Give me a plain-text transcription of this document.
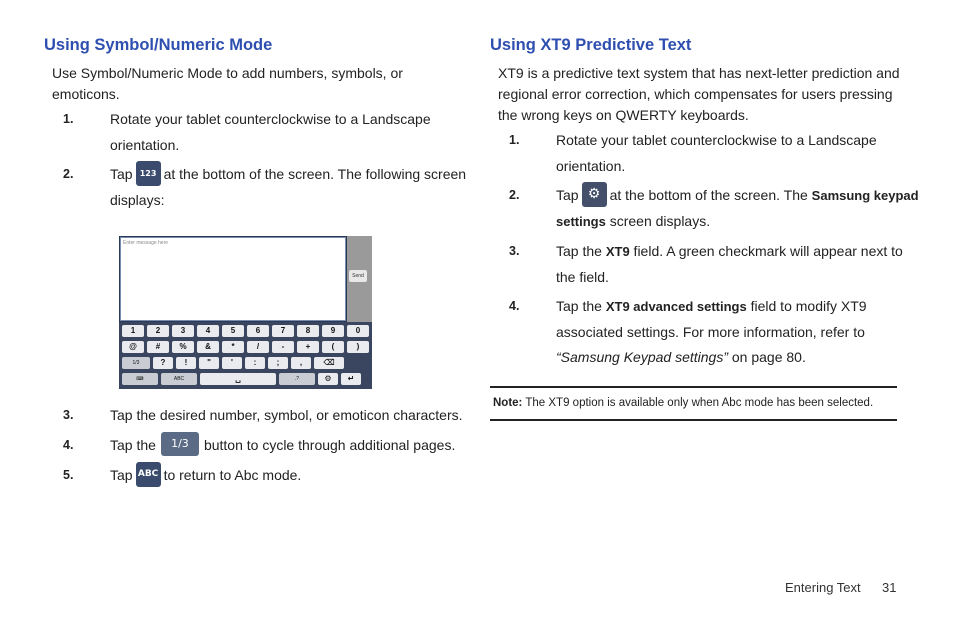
Using Symbol/Numeric Mode

Use Symbol/Numeric Mode to add numbers, symbols, or
emoticons.

1.	Rotate your tablet counterclockwise to a Landscape
orientation.
2.	Tap 123 at the bottom of the screen. The following screen
displays:
3.	Tap the desired number, symbol, or emoticon characters.
4.	Tap the 1/3 button to cycle through additional pages.
5.	Tap ABC to return to Abc mode.
Enter message here
Send
1	2	3	4	5	6	7	8	9	0
@	#	%	&	*	/	-	+	(	)
1/3	?	!	"	'	:	;	,	⌫
⌨	ABC	␣	.?	⚙	↵
Using XT9 Predictive Text

XT9 is a predictive text system that has next-letter prediction and
regional error correction, which compensates for users pressing
the wrong keys on QWERTY keyboards.

1.	Rotate your tablet counterclockwise to a Landscape
orientation.
2.	Tap ⚙ at the bottom of the screen. The Samsung keypad
settings screen displays.
3.	Tap the XT9 field. A green checkmark will appear next to
the field.
4.	Tap the XT9 advanced settings field to modify XT9
associated settings. For more information, refer to
“Samsung Keypad settings” on page 80.
Note: The XT9 option is available only when Abc mode has been selected.
Entering Text 31
